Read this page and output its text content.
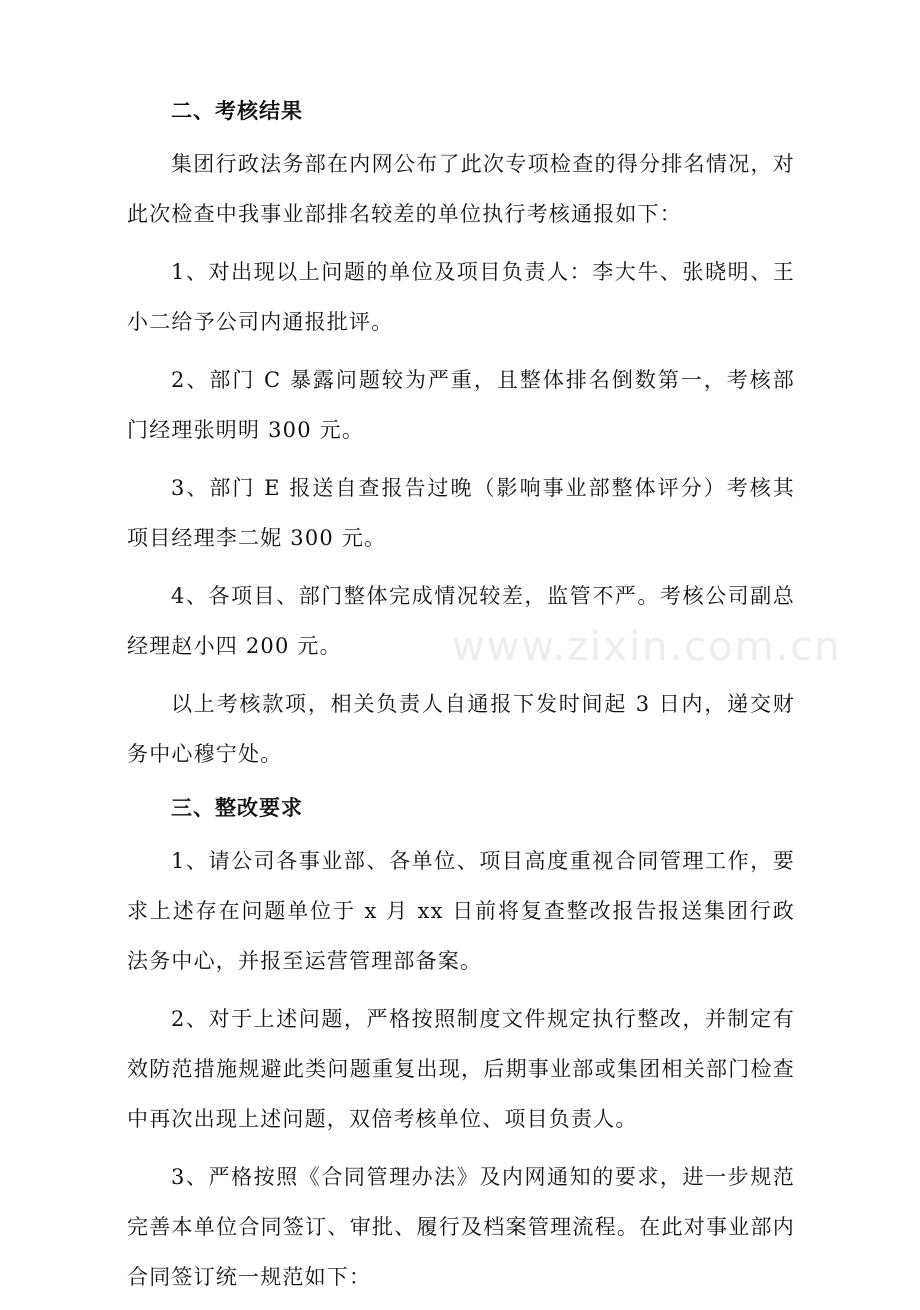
二、考核结果

集团行政法务部在内网公布了此次专项检查的得分排名情况，对此次检查中我事业部排名较差的单位执行考核通报如下：

1、对出现以上问题的单位及项目负责人：李大牛、张晓明、王小二给予公司内通报批评。

2、部门 C 暴露问题较为严重，且整体排名倒数第一，考核部门经理张明明 300 元。

3、部门 E 报送自查报告过晚（影响事业部整体评分）考核其项目经理李二妮 300 元。

4、各项目、部门整体完成情况较差，监管不严。考核公司副总经理赵小四 200 元。

以上考核款项，相关负责人自通报下发时间起 3 日内，递交财务中心穆宁处。

三、整改要求

1、请公司各事业部、各单位、项目高度重视合同管理工作，要求上述存在问题单位于 x 月 xx 日前将复查整改报告报送集团行政法务中心，并报至运营管理部备案。

2、对于上述问题，严格按照制度文件规定执行整改，并制定有效防范措施规避此类问题重复出现，后期事业部或集团相关部门检查中再次出现上述问题，双倍考核单位、项目负责人。

3、严格按照《合同管理办法》及内网通知的要求，进一步规范完善本单位合同签订、审批、履行及档案管理流程。在此对事业部内合同签订统一规范如下：

www.zixin.com.cn
